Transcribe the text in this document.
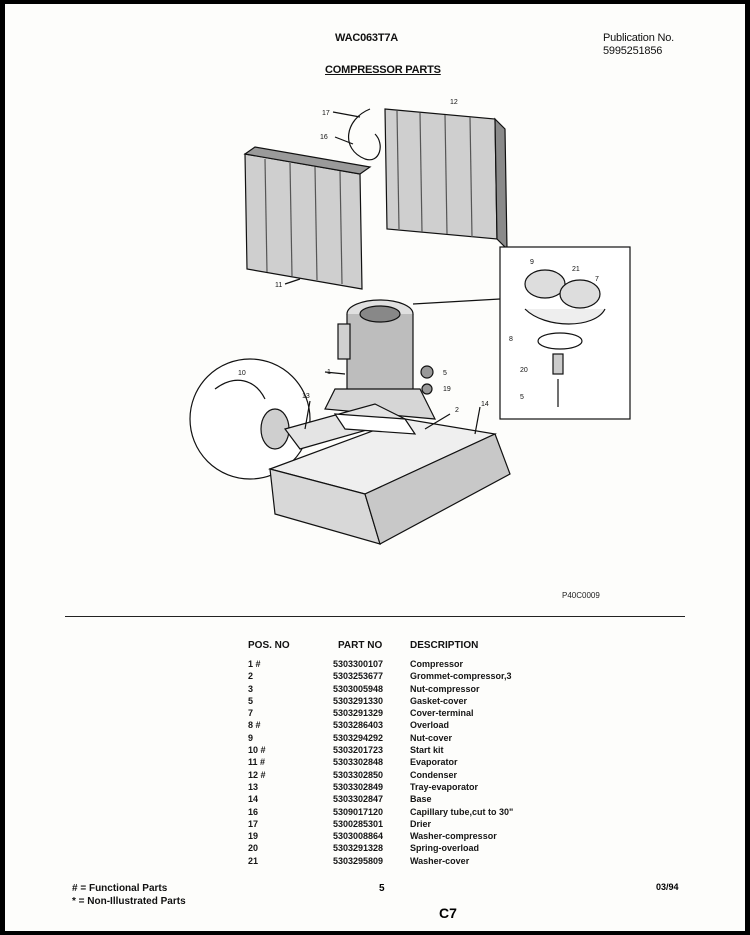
WAC063T7A	Publication No.
5995251856
COMPRESSOR PARTS
17
12
16
11
9
21
7
8
20
5
1
10	5
19
2
14
13
P40C0009
POS. NO	PART NO	DESCRIPTION
1 #	5303300107	Compressor
2	5303253677	Grommet-compressor,3
3	5303005948	Nut-compressor
5	5303291330	Gasket-cover
7	5303291329	Cover-terminal
8 #	5303286403	Overload
9	5303294292	Nut-cover
10 #	5303201723	Start kit
11 #	5303302848	Evaporator
12 #	5303302850	Condenser
13	5303302849	Tray-evaporator
14	5303302847	Base
16	5309017120	Capillary tube,cut to 30"
17	5300285301	Drier
19	5303008864	Washer-compressor
20	5303291328	Spring-overload
21	5303295809	Washer-cover
# = Functional Parts
* = Non-Illustrated Parts
5	03/94
C7
